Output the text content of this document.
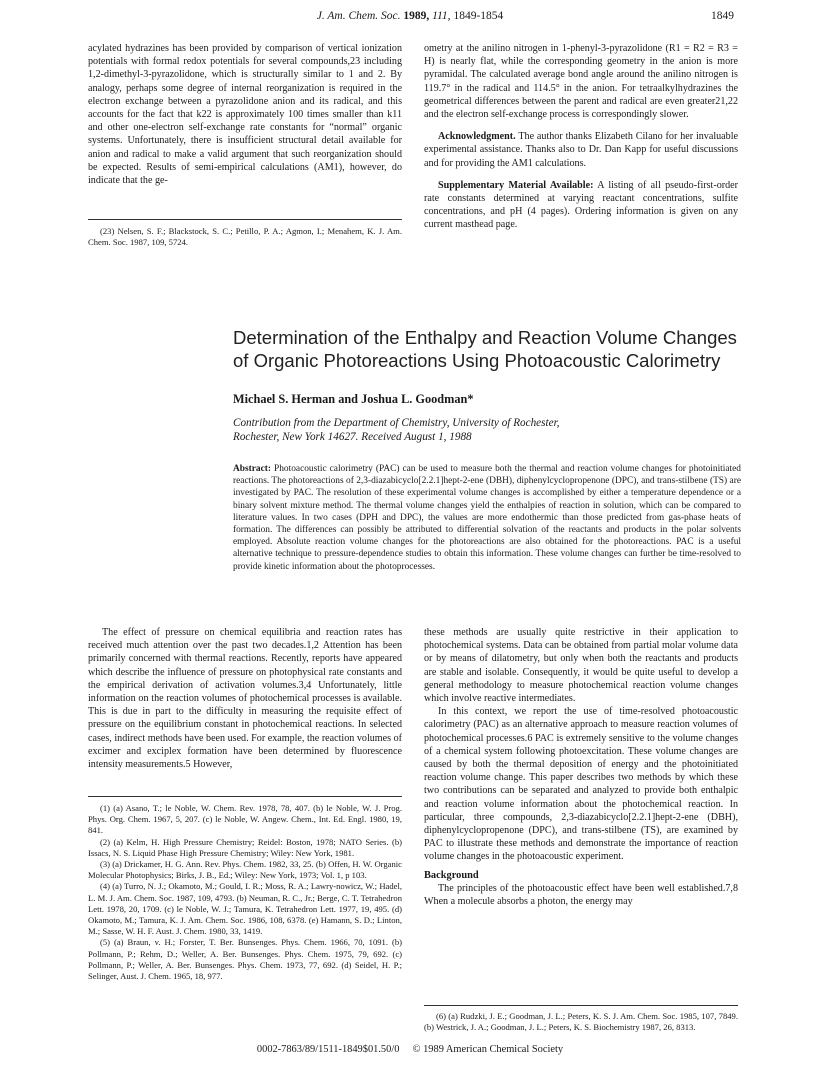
J. Am. Chem. Soc. 1989, 111, 1849-1854	1849

acylated hydrazines has been provided by comparison of vertical ionization potentials with formal redox potentials for several compounds,23 including 1,2-dimethyl-3-pyrazolidone, which is structurally similar to 1 and 2. By analogy, perhaps some degree of internal reorganization is required in the electron exchange between a pyrazolidone anion and its radical, and this accounts for the fact that k22 is approximately 100 times smaller than k11 and other one-electron self-exchange rate constants for “normal” organic systems. Unfortunately, there is insufficient structural detail available for anion and radical to make a valid argument that such reorganization should be expected. Results of semi-empirical calculations (AM1), however, do indicate that the ge-

(23) Nelsen, S. F.; Blackstock, S. C.; Petillo, P. A.; Agmon, I.; Menahem, K. J. Am. Chem. Soc. 1987, 109, 5724.

ometry at the anilino nitrogen in 1-phenyl-3-pyrazolidone (R1 = R2 = R3 = H) is nearly flat, while the corresponding geometry in the anion is more pyramidal. The calculated average bond angle around the anilino nitrogen is 119.7° in the radical and 114.5° in the anion. For tetraalkylhydrazines the geometrical differences between the parent and radical are even greater21,22 and the electron self-exchange process is correspondingly slower.

Acknowledgment. The author thanks Elizabeth Cilano for her invaluable experimental assistance. Thanks also to Dr. Dan Kapp for useful discussions and for providing the AM1 calculations.

Supplementary Material Available: A listing of all pseudo-first-order rate constants determined at varying reactant concentrations, sulfite concentrations, and pH (4 pages). Ordering information is given on any current masthead page.

Determination of the Enthalpy and Reaction Volume Changes
of Organic Photoreactions Using Photoacoustic Calorimetry
Michael S. Herman and Joshua L. Goodman*
Contribution from the Department of Chemistry, University of Rochester,
Rochester, New York 14627. Received August 1, 1988
Abstract: Photoacoustic calorimetry (PAC) can be used to measure both the thermal and reaction volume changes for photoinitiated reactions. The photoreactions of 2,3-diazabicyclo[2.2.1]hept-2-ene (DBH), diphenylcyclopropenone (DPC), and trans-stilbene (TS) are investigated by PAC. The resolution of these experimental volume changes is accomplished by either a temperature dependence or a binary solvent mixture method. The thermal volume changes yield the enthalpies of reaction in solution, which can be compared to literature values. In two cases (DPH and DPC), the values are more endothermic than those predicted from gas-phase heats of formation. The differences can possibly be attributed to differential solvation of the reactants and products in the polar solvents employed. Absolute reaction volume changes for the photoreactions are also obtained for the photoreactions. PAC is a useful alternative technique to pressure-dependence studies to obtain this information. These volume changes can further be time-resolved to provide kinetic information about the photoprocesses.

The effect of pressure on chemical equilibria and reaction rates has received much attention over the past two decades.1,2 Attention has been primarily concerned with thermal reactions. Recently, reports have appeared which describe the influence of pressure on photophysical rate constants and the empirical derivation of activation volumes.3,4 Unfortunately, little information on the reaction volumes of photochemical processes is available. This is due in part to the difficulty in measuring the requisite effect of pressure on the equilibrium constant in photochemical reactions. In selected cases, indirect methods have been used. For example, the reaction volumes of excimer and exciplex formation have been determined by fluorescence intensity measurements.5 However,

(1) (a) Asano, T.; le Noble, W. Chem. Rev. 1978, 78, 407. (b) le Noble, W. J. Prog. Phys. Org. Chem. 1967, 5, 207. (c) le Noble, W. Angew. Chem., Int. Ed. Engl. 1980, 19, 841.

(2) (a) Kelm, H. High Pressure Chemistry; Reidel: Boston, 1978; NATO Series. (b) Issacs, N. S. Liquid Phase High Pressure Chemistry; Wiley: New York, 1981.

(3) (a) Drickamer, H. G. Ann. Rev. Phys. Chem. 1982, 33, 25. (b) Offen, H. W. Organic Molecular Photophysics; Birks, J. B., Ed.; Wiley: New York, 1973; Vol. 1, p 103.

(4) (a) Turro, N. J.; Okamoto, M.; Gould, I. R.; Moss, R. A.; Lawry-nowicz, W.; Hadel, L. M. J. Am. Chem. Soc. 1987, 109, 4793. (b) Neuman, R. C., Jr.; Berge, C. T. Tetrahedron Lett. 1978, 20, 1709. (c) le Noble, W. J.; Tamura, K. Tetrahedron Lett. 1977, 19, 495. (d) Okamoto, M.; Tamura, K. J. Am. Chem. Soc. 1986, 108, 6378. (e) Hamann, S. D.; Linton, M.; Sasse, W. H. F. Aust. J. Chem. 1980, 33, 1419.

(5) (a) Braun, v. H.; Forster, T. Ber. Bunsenges. Phys. Chem. 1966, 70, 1091. (b) Pollmann, P.; Rehm, D.; Weller, A. Ber. Bunsenges. Phys. Chem. 1975, 79, 692. (c) Pollmann, P.; Weller, A. Ber. Bunsenges. Phys. Chem. 1973, 77, 692. (d) Seidel, H. P.; Selinger, Aust. J. Chem. 1965, 18, 977.

these methods are usually quite restrictive in their application to photochemical systems. Data can be obtained from partial molar volume data or by means of dilatometry, but only when both the reactants and products are stable and isolable. Consequently, it would be quite useful to develop a general methodology to measure photochemical reaction volume changes which involve reactive intermediates.

In this context, we report the use of time-resolved photoacoustic calorimetry (PAC) as an alternative approach to measure reaction volumes of photochemical processes.6 PAC is extremely sensitive to the volume changes of a chemical system following photoexcitation. These volume changes are caused by both the thermal deposition of energy and the photoinitiated reaction volume change. This paper describes two methods by which these two contributions can be separated and analyzed to provide both enthalpic and reaction volume information about the photochemical reaction. In particular, three compounds, 2,3-diazabicyclo[2.2.1]hept-2-ene (DBH), diphenylcyclopropenone (DPC), and trans-stilbene (TS), are examined by PAC to illustrate these methods and demonstrate the importance of reaction volume changes in the photoacoustic experiment.

Background

The principles of the photoacoustic effect have been well established.7,8 When a molecule absorbs a photon, the energy may

(6) (a) Rudzki, J. E.; Goodman, J. L.; Peters, K. S. J. Am. Chem. Soc. 1985, 107, 7849. (b) Westrick, J. A.; Goodman, J. L.; Peters, K. S. Biochemistry 1987, 26, 8313.

0002-7863/89/1511-1849$01.50/0 © 1989 American Chemical Society
